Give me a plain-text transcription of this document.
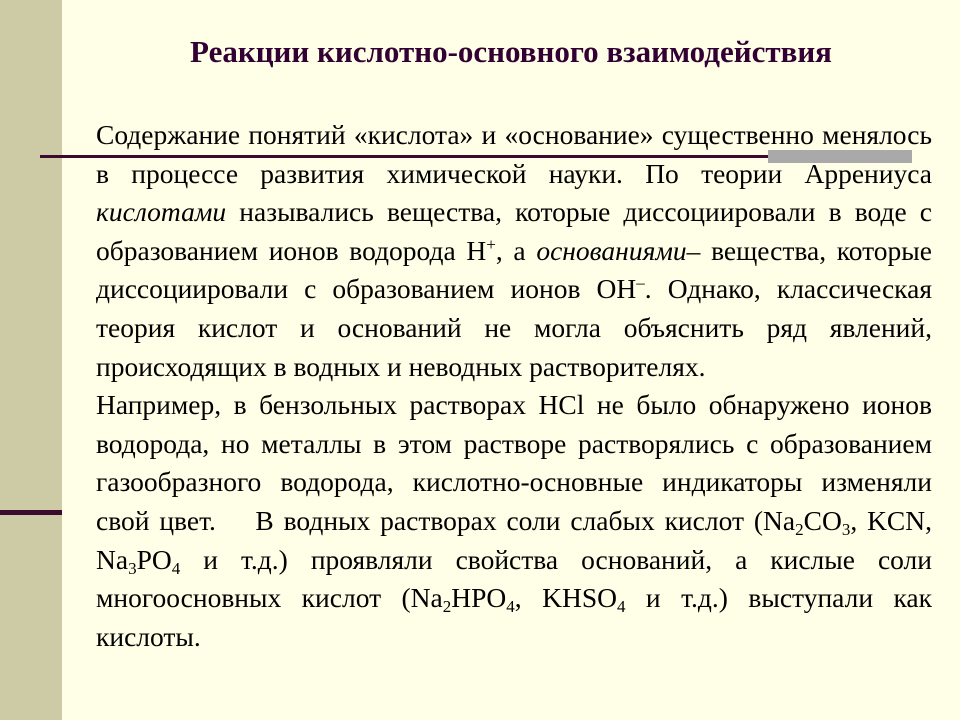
Реакции кислотно-основного взаимодействия

Содержание понятий «кислота» и «основание» существенно менялось в процессе развития химической науки. По теории Аррениуса кислотами назывались вещества, которые диссоциировали в воде с образованием ионов водорода Н+, а основаниями– вещества, которые диссоциировали с образованием ионов ОН–. Однако, классическая теория кислот и оснований не могла объяснить ряд явлений, происходящих в водных и неводных растворителях.

Например, в бензольных растворах HCl не было обнаружено ионов водорода, но металлы в этом растворе растворялись с образованием газообразного водорода, кислотно-основные индикаторы изменяли свой цвет.    В водных растворах соли слабых кислот ($Na_2CO_3$, KCN, $Na_3PO_4$ и т.д.) проявляли свойства оснований, а кислые соли многоосновных кислот ($Na_2HPO_4$, $KHSO_4$ и т.д.) выступали как кислоты.
